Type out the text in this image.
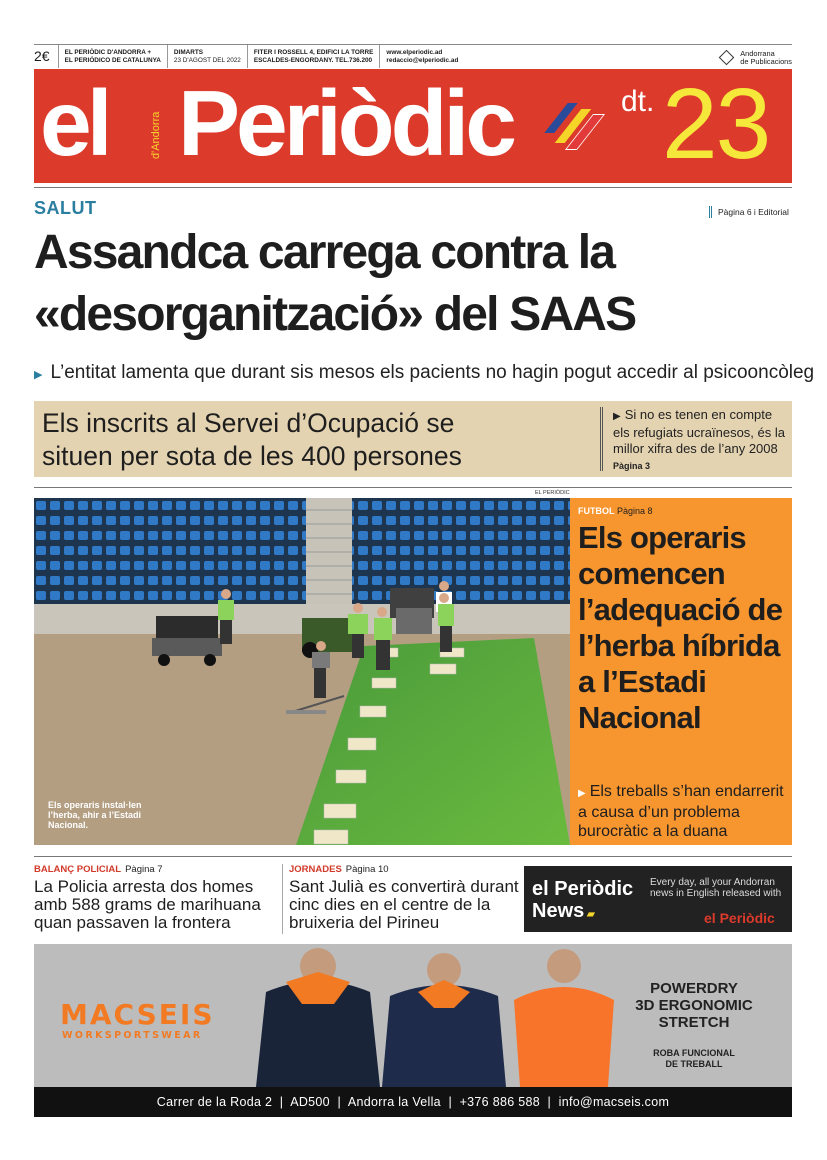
2€	EL PERIÒDIC D'ANDORRA +
EL PERIÓDICO DE CATALUNYA
DIMARTS
23 D'AGOST DEL 2022
FITER I ROSSELL 4, EDIFICI LA TORRE
ESCALDES-ENGORDANY. TEL.736.200
www.elperiodic.ad
redaccio@elperiodic.ad
Andorrana
de Publicacions
el Periòdic
d'Andorra
dt. 23
SALUT	Pàgina 6 i Editorial
Assandca carrega contra la
«desorganització» del SAAS
▶ L’entitat lamenta que durant sis mesos els pacients no hagin pogut accedir al psicooncòleg
Els inscrits al Servei d’Ocupació se
situen per sota de les 400 persones
▶ Si no es tenen en compte els refugiats ucraïnesos, és la millor xifra des de l’any 2008 Pàgina 3
EL PERIÒDIC
Els operaris instal·len l’herba, ahir a l’Estadi Nacional.
FUTBOL Pàgina 8
Els operaris comencen l’adequació de l’herba híbrida a l’Estadi Nacional
▶ Els treballs s’han endarrerit a causa d’un problema burocràtic a la duana
BALANÇ POLICIAL Pàgina 7
La Policia arresta dos homes amb 588 grams de marihuana quan passaven la frontera
JORNADES Pàgina 10
Sant Julià es convertirà durant cinc dies en el centre de la bruixeria del Pirineu
el Periòdic
News ▰
Every day, all your Andorran news in English released with
el Periòdic
MACSEIS
WORKSPORTSWEAR
POWERDRY
3D ERGONOMIC
STRETCH
ROBA FUNCIONAL
DE TREBALL
Carrer de la Roda 2  |  AD500  |  Andorra la Vella  |  +376 886 588  |  info@macseis.com
